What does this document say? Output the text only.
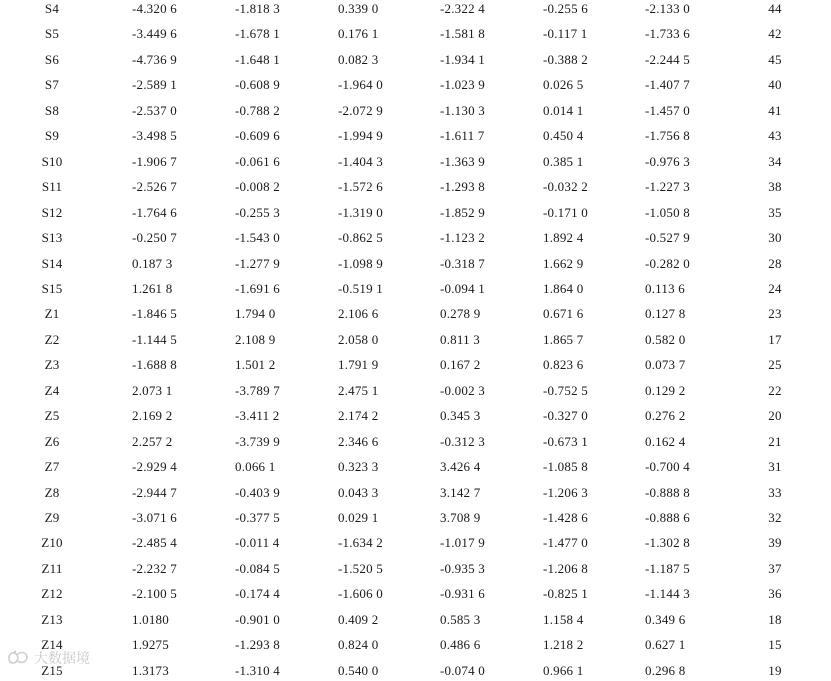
S4	-4.320 6	-1.818 3	0.339 0	-2.322 4	-0.255 6	-2.133 0	44
S5	-3.449 6	-1.678 1	0.176 1	-1.581 8	-0.117 1	-1.733 6	42
S6	-4.736 9	-1.648 1	0.082 3	-1.934 1	-0.388 2	-2.244 5	45
S7	-2.589 1	-0.608 9	-1.964 0	-1.023 9	0.026 5	-1.407 7	40
S8	-2.537 0	-0.788 2	-2.072 9	-1.130 3	0.014 1	-1.457 0	41
S9	-3.498 5	-0.609 6	-1.994 9	-1.611 7	0.450 4	-1.756 8	43
S10	-1.906 7	-0.061 6	-1.404 3	-1.363 9	0.385 1	-0.976 3	34
S11	-2.526 7	-0.008 2	-1.572 6	-1.293 8	-0.032 2	-1.227 3	38
S12	-1.764 6	-0.255 3	-1.319 0	-1.852 9	-0.171 0	-1.050 8	35
S13	-0.250 7	-1.543 0	-0.862 5	-1.123 2	1.892 4	-0.527 9	30
S14	0.187 3	-1.277 9	-1.098 9	-0.318 7	1.662 9	-0.282 0	28
S15	1.261 8	-1.691 6	-0.519 1	-0.094 1	1.864 0	0.113 6	24
Z1	-1.846 5	1.794 0	2.106 6	0.278 9	0.671 6	0.127 8	23
Z2	-1.144 5	2.108 9	2.058 0	0.811 3	1.865 7	0.582 0	17
Z3	-1.688 8	1.501 2	1.791 9	0.167 2	0.823 6	0.073 7	25
Z4	2.073 1	-3.789 7	2.475 1	-0.002 3	-0.752 5	0.129 2	22
Z5	2.169 2	-3.411 2	2.174 2	0.345 3	-0.327 0	0.276 2	20
Z6	2.257 2	-3.739 9	2.346 6	-0.312 3	-0.673 1	0.162 4	21
Z7	-2.929 4	0.066 1	0.323 3	3.426 4	-1.085 8	-0.700 4	31
Z8	-2.944 7	-0.403 9	0.043 3	3.142 7	-1.206 3	-0.888 8	33
Z9	-3.071 6	-0.377 5	0.029 1	3.708 9	-1.428 6	-0.888 6	32
Z10	-2.485 4	-0.011 4	-1.634 2	-1.017 9	-1.477 0	-1.302 8	39
Z11	-2.232 7	-0.084 5	-1.520 5	-0.935 3	-1.206 8	-1.187 5	37
Z12	-2.100 5	-0.174 4	-1.606 0	-0.931 6	-0.825 1	-1.144 3	36
Z13	1.0180	-0.901 0	0.409 2	0.585 3	1.158 4	0.349 6	18
Z14	1.9275	-1.293 8	0.824 0	0.486 6	1.218 2	0.627 1	15
Z15	1.3173	-1.310 4	0.540 0	-0.074 0	0.966 1	0.296 8	19
大数据境
